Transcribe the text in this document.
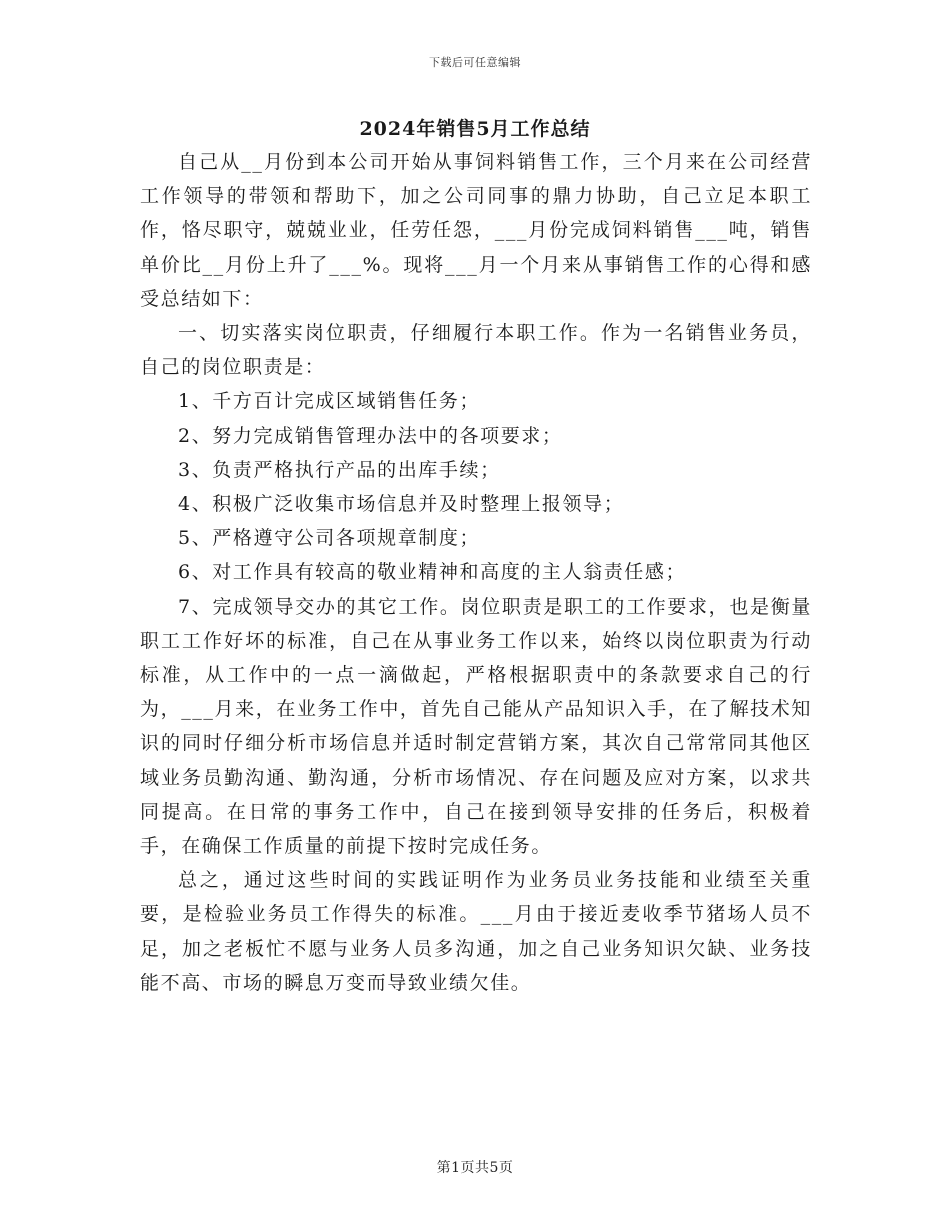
下载后可任意编辑
2024年销售5月工作总结

自己从__月份到本公司开始从事饲料销售工作，三个月来在公司经营工作领导的带领和帮助下，加之公司同事的鼎力协助，自己立足本职工作，恪尽职守，兢兢业业，任劳任怨，___月份完成饲料销售___吨，销售单价比__月份上升了___%。现将___月一个月来从事销售工作的心得和感受总结如下：

一、切实落实岗位职责，仔细履行本职工作。作为一名销售业务员，自己的岗位职责是：

1、千方百计完成区域销售任务；

2、努力完成销售管理办法中的各项要求；

3、负责严格执行产品的出库手续；

4、积极广泛收集市场信息并及时整理上报领导；

5、严格遵守公司各项规章制度；

6、对工作具有较高的敬业精神和高度的主人翁责任感；

7、完成领导交办的其它工作。岗位职责是职工的工作要求，也是衡量职工工作好坏的标准，自己在从事业务工作以来，始终以岗位职责为行动标准，从工作中的一点一滴做起，严格根据职责中的条款要求自己的行为，___月来，在业务工作中，首先自己能从产品知识入手，在了解技术知识的同时仔细分析市场信息并适时制定营销方案，其次自己常常同其他区域业务员勤沟通、勤沟通，分析市场情况、存在问题及应对方案，以求共同提高。在日常的事务工作中，自己在接到领导安排的任务后，积极着手，在确保工作质量的前提下按时完成任务。

总之，通过这些时间的实践证明作为业务员业务技能和业绩至关重要，是检验业务员工作得失的标准。___月由于接近麦收季节猪场人员不足，加之老板忙不愿与业务人员多沟通，加之自己业务知识欠缺、业务技能不高、市场的瞬息万变而导致业绩欠佳。

第1页共5页
